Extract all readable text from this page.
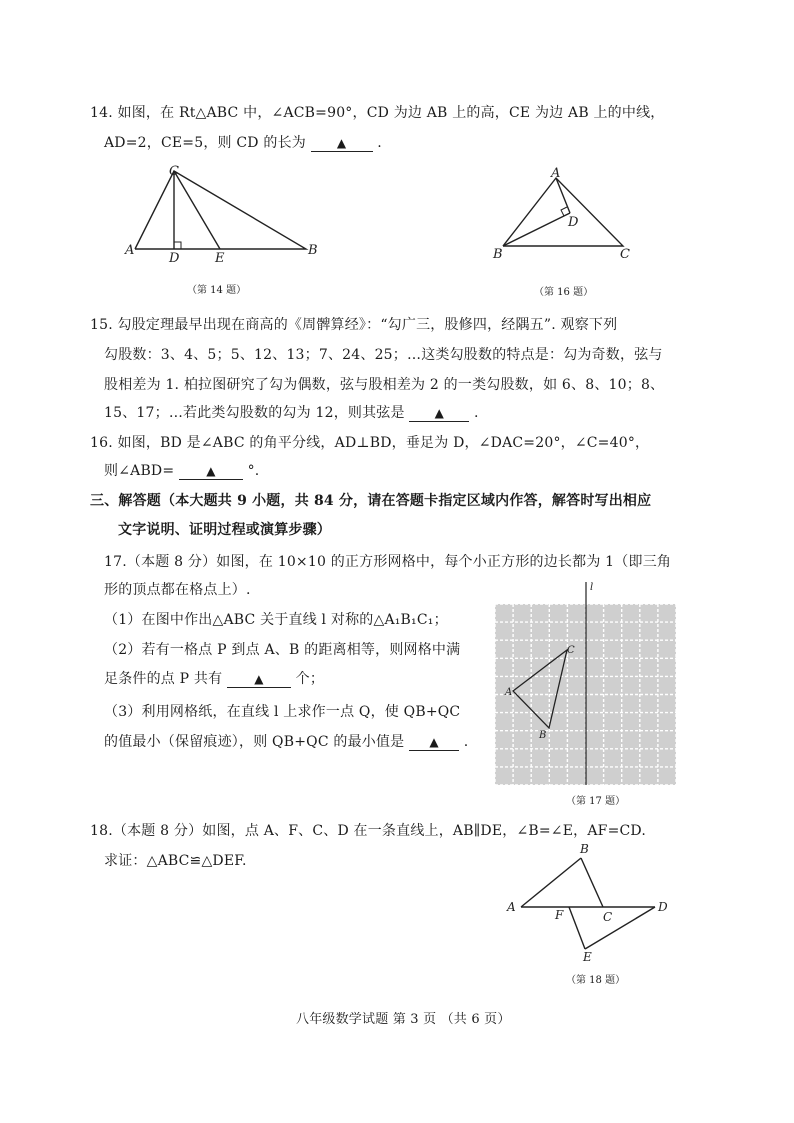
14. 如图，在 Rt△ABC 中，∠ACB=90°，CD 为边 AB 上的高，CE 为边 AB 上的中线，
AD=2，CE=5，则 CD 的长为	▲ .
A
C
D	E
B
（第 14 题）
A
D
B	C
（第 16 题）
15. 勾股定理最早出现在商高的《周髀算经》：“勾广三，股修四，经隅五”. 观察下列
勾股数：3、4、5；5、12、13；7、24、25；…这类勾股数的特点是：勾为奇数，弦与
股相差为 1. 柏拉图研究了勾为偶数，弦与股相差为 2 的一类勾股数，如 6、8、10；8、
15、17；…若此类勾股数的勾为 12，则其弦是 ▲ .
16. 如图，BD 是∠ABC 的角平分线，AD⊥BD，垂足为 D，∠DAC=20°，∠C=40°，
则∠ABD=	▲ °.
三、解答题（本大题共 9 小题，共 84 分，请在答题卡指定区域内作答，解答时写出相应
文字说明、证明过程或演算步骤）
17.（本题 8 分）如图，在 10×10 的正方形网格中，每个小正方形的边长都为 1（即三角
形的顶点都在格点上）.
（1）在图中作出△ABC 关于直线 l 对称的△A₁B₁C₁；
（2）若有一格点 P 到点 A、B 的距离相等，则网格中满
足条件的点 P 共有	▲ 个；
（3）利用网格纸，在直线 l 上求作一点 Q，使 QB+QC
的值最小（保留痕迹），则 QB+QC 的最小值是 ▲ .
l
A
C
B
（第 17 题）
18.（本题 8 分）如图，点 A、F、C、D 在一条直线上，AB∥DE，∠B=∠E，AF=CD.
求证：△ABC≌△DEF.
A
B
F	C
D
E
（第 18 题）
八年级数学试题 第 3 页 （共 6 页）
